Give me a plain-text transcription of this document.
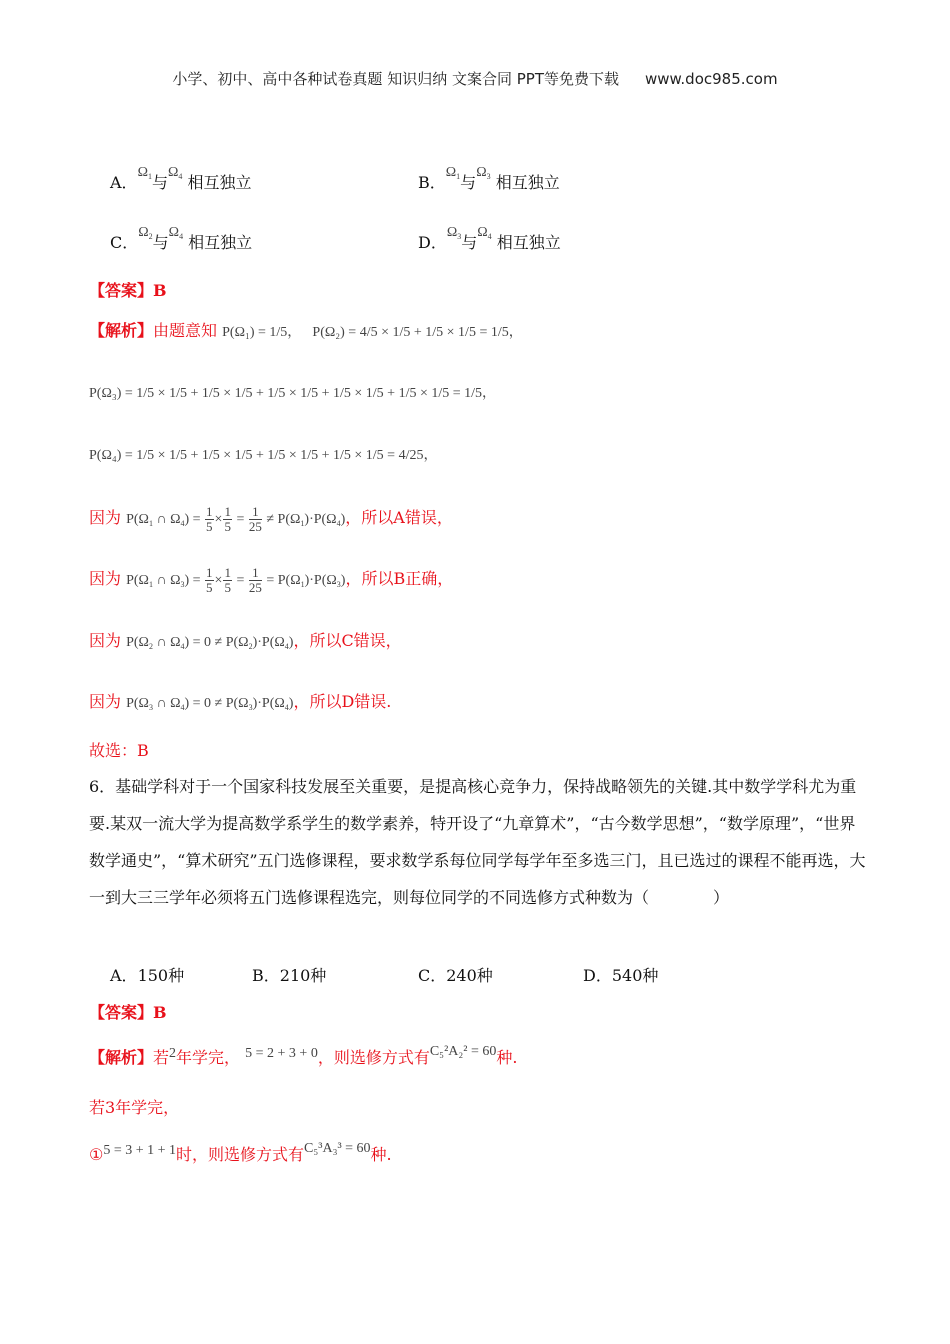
小学、初中、高中各种试卷真题 知识归纳 文案合同 PPT等免费下载 www.doc985.com
A．$\Omega_1$与$\Omega_4$ 相互独立	B．$\Omega_1$与$\Omega_3$ 相互独立
C．$\Omega_2$与$\Omega_4$ 相互独立	D．$\Omega_3$与$\Omega_4$ 相互独立
【答案】B
【解析】由题意知 P(Ω₁) = 1/5， P(Ω₂) = 4/5 × 1/5 + 1/5 × 1/5 = 1/5，
P(Ω₃) = 1/5 × 1/5 + 1/5 × 1/5 + 1/5 × 1/5 + 1/5 × 1/5 + 1/5 × 1/5 = 1/5，
P(Ω₄) = 1/5 × 1/5 + 1/5 × 1/5 + 1/5 × 1/5 + 1/5 × 1/5 = 4/25，
因为 $P(\Omega_1$ ∩ $\Omega_4) = \frac{1}{5} \times \frac{1}{5} = \frac{1}{25} \ne P(\Omega_1)\cdot P(\Omega_4)$，所以A错误，
因为 $P(\Omega_1$ ∩ $\Omega_3) = \frac{1}{5} \times \frac{1}{5} = \frac{1}{25} = P(\Omega_1)\cdot P(\Omega_3)$，所以B正确，
因为 $P(\Omega_2$ ∩ $\Omega_4) = 0 \ne P(\Omega_2)\cdot P(\Omega_4)$，所以C错误，
因为 $P(\Omega_3$ ∩ $\Omega_4) = 0 \ne P(\Omega_3)\cdot P(\Omega_4)$，所以D错误.
故选：B
6．基础学科对于一个国家科技发展至关重要，是提高核心竞争力，保持战略领先的关键.其中数学学科尤为重要.某双一流大学为提高数学系学生的数学素养，特开设了“九章算术”，“古今数学思想”，“数学原理”，“世界数学通史”，“算术研究”五门选修课程，要求数学系每位同学每学年至多选三门，且已选过的课程不能再选，大一到大三三学年必须将五门选修课程选完，则每位同学的不同选修方式种数为（　　　　）
A．150种	B．210种	C．240种	D．540种
【答案】B
【解析】若2年学完， 5 = 2 + 3 + 0，则选修方式有C₅²A₂² = 60种.
若3年学完，
①5 = 3 + 1 + 1时，则选修方式有C₅³A₃³ = 60种.
